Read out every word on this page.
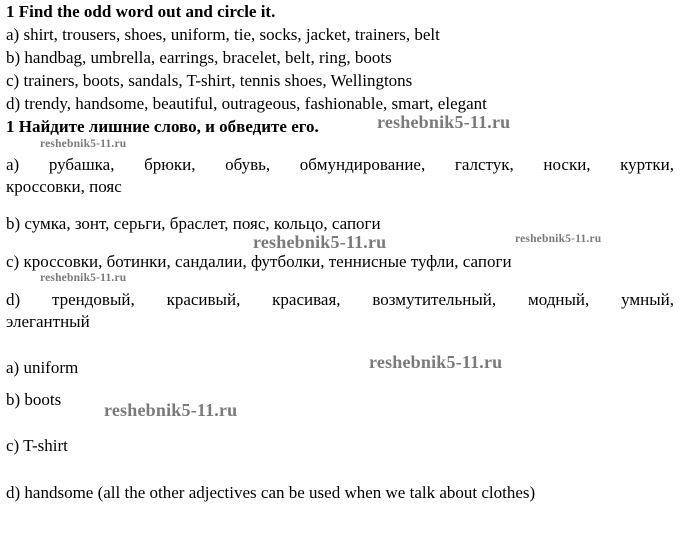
1 Find the odd word out and circle it.
a) shirt, trousers, shoes, uniform, tie, socks, jacket, trainers, belt
b) handbag, umbrella, earrings, bracelet, belt, ring, boots
c) trainers, boots, sandals, T-shirt, tennis shoes, Wellingtons
d) trendy, handsome, beautiful, outrageous, fashionable, smart, elegant
1 Найдите лишние слово, и обведите его.
а) рубашка, брюки, обувь, обмундирование, галстук, носки, куртки,
кроссовки, пояс
b) сумка, зонт, серьги, браслет, пояс, кольцо, сапоги
c) кроссовки, ботинки, сандалии, футболки, теннисные туфли, сапоги
d) трендовый, красивый, красивая, возмутительный, модный, умный,
элегантный
a) uniform
b) boots
c) T-shirt
d) handsome (all the other adjectives can be used when we talk about clothes)
reshebnik5-11.ru
reshebnik5-11.ru
reshebnik5-11.ru	reshebnik5-11.ru
reshebnik5-11.ru
reshebnik5-11.ru
reshebnik5-11.ru
